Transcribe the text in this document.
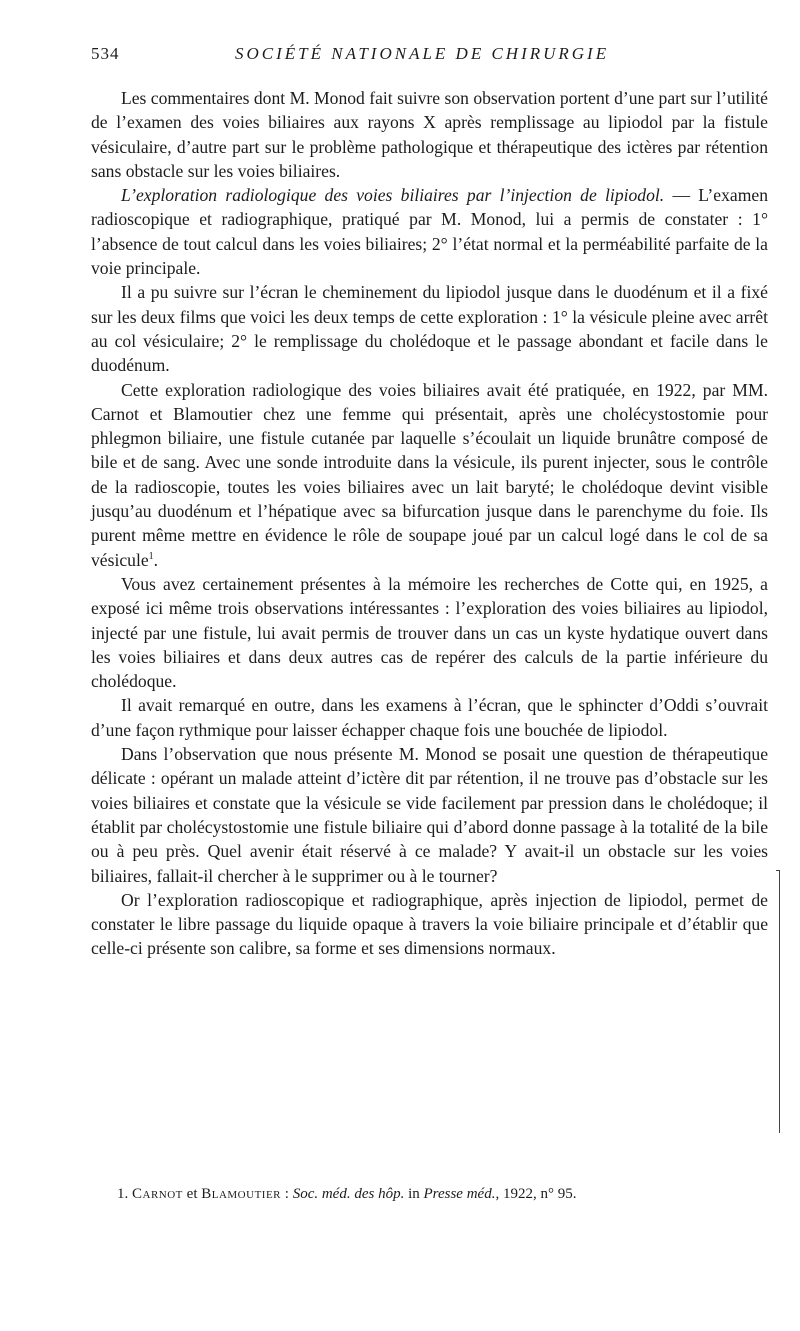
534	SOCIÉTÉ NATIONALE DE CHIRURGIE

Les commentaires dont M. Monod fait suivre son observation portent d’une part sur l’utilité de l’examen des voies biliaires aux rayons X après remplissage au lipiodol par la fistule vésiculaire, d’autre part sur le problème pathologique et thérapeutique des ictères par rétention sans obstacle sur les voies biliaires.

L’exploration radiologique des voies biliaires par l’injection de lipiodol. — L’examen radioscopique et radiographique, pratiqué par M. Monod, lui a permis de constater : 1° l’absence de tout calcul dans les voies biliaires; 2° l’état normal et la perméabilité parfaite de la voie principale.

Il a pu suivre sur l’écran le cheminement du lipiodol jusque dans le duodénum et il a fixé sur les deux films que voici les deux temps de cette exploration : 1° la vésicule pleine avec arrêt au col vésiculaire; 2° le remplissage du cholédoque et le passage abondant et facile dans le duodénum.

Cette exploration radiologique des voies biliaires avait été pratiquée, en 1922, par MM. Carnot et Blamoutier chez une femme qui présentait, après une cholécystostomie pour phlegmon biliaire, une fistule cutanée par laquelle s’écoulait un liquide brunâtre composé de bile et de sang. Avec une sonde introduite dans la vésicule, ils purent injecter, sous le contrôle de la radioscopie, toutes les voies biliaires avec un lait baryté; le cholédoque devint visible jusqu’au duodénum et l’hépatique avec sa bifurcation jusque dans le parenchyme du foie. Ils purent même mettre en évidence le rôle de soupape joué par un calcul logé dans le col de sa vésicule$^1$.

Vous avez certainement présentes à la mémoire les recherches de Cotte qui, en 1925, a exposé ici même trois observations intéressantes : l’exploration des voies biliaires au lipiodol, injecté par une fistule, lui avait permis de trouver dans un cas un kyste hydatique ouvert dans les voies biliaires et dans deux autres cas de repérer des calculs de la partie inférieure du cholédoque.

Il avait remarqué en outre, dans les examens à l’écran, que le sphincter d’Oddi s’ouvrait d’une façon rythmique pour laisser échapper chaque fois une bouchée de lipiodol.

Dans l’observation que nous présente M. Monod se posait une question de thérapeutique délicate : opérant un malade atteint d’ictère dit par rétention, il ne trouve pas d’obstacle sur les voies biliaires et constate que la vésicule se vide facilement par pression dans le cholédoque; il établit par cholécystostomie une fistule biliaire qui d’abord donne passage à la totalité de la bile ou à peu près. Quel avenir était réservé à ce malade? Y avait-il un obstacle sur les voies biliaires, fallait-il chercher à le supprimer ou à le tourner?

Or l’exploration radioscopique et radiographique, après injection de lipiodol, permet de constater le libre passage du liquide opaque à travers la voie biliaire principale et d’établir que celle-ci présente son calibre, sa forme et ses dimensions normaux.

1. Carnot et Blamoutier : Soc. méd. des hôp. in Presse méd., 1922, n° 95.
